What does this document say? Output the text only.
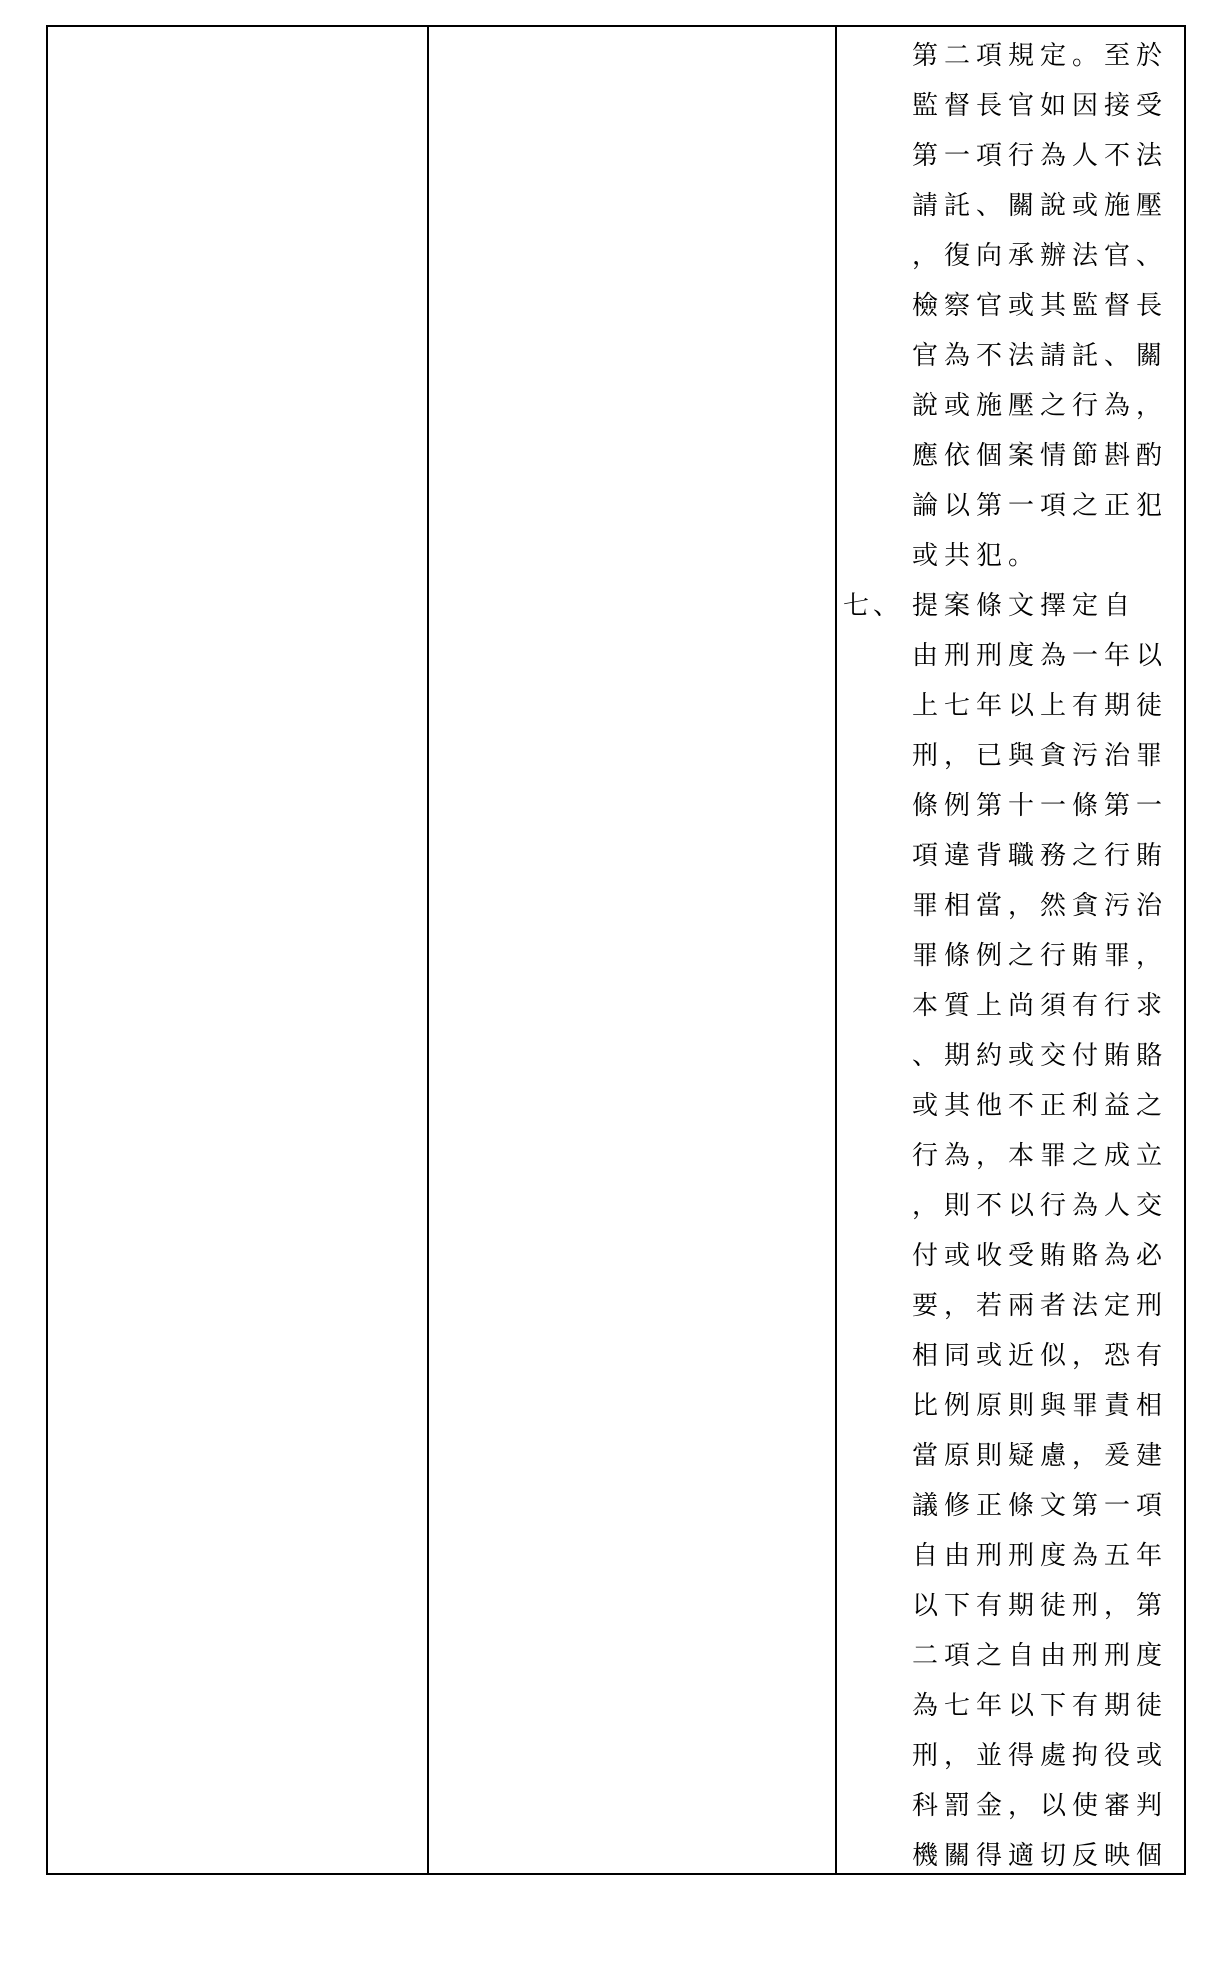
第二項規定。至於
監督長官如因接受
第一項行為人不法
請託、關說或施壓
，復向承辦法官、
檢察官或其監督長
官為不法請託、關
說或施壓之行為，
應依個案情節斟酌
論以第一項之正犯
或共犯。
七、 提案條文擇定自
由刑刑度為一年以
上七年以上有期徒
刑，已與貪污治罪
條例第十一條第一
項違背職務之行賄
罪相當，然貪污治
罪條例之行賄罪，
本質上尚須有行求
、期約或交付賄賂
或其他不正利益之
行為，本罪之成立
，則不以行為人交
付或收受賄賂為必
要，若兩者法定刑
相同或近似，恐有
比例原則與罪責相
當原則疑慮，爰建
議修正條文第一項
自由刑刑度為五年
以下有期徒刑，第
二項之自由刑刑度
為七年以下有期徒
刑，並得處拘役或
科罰金，以使審判
機關得適切反映個
